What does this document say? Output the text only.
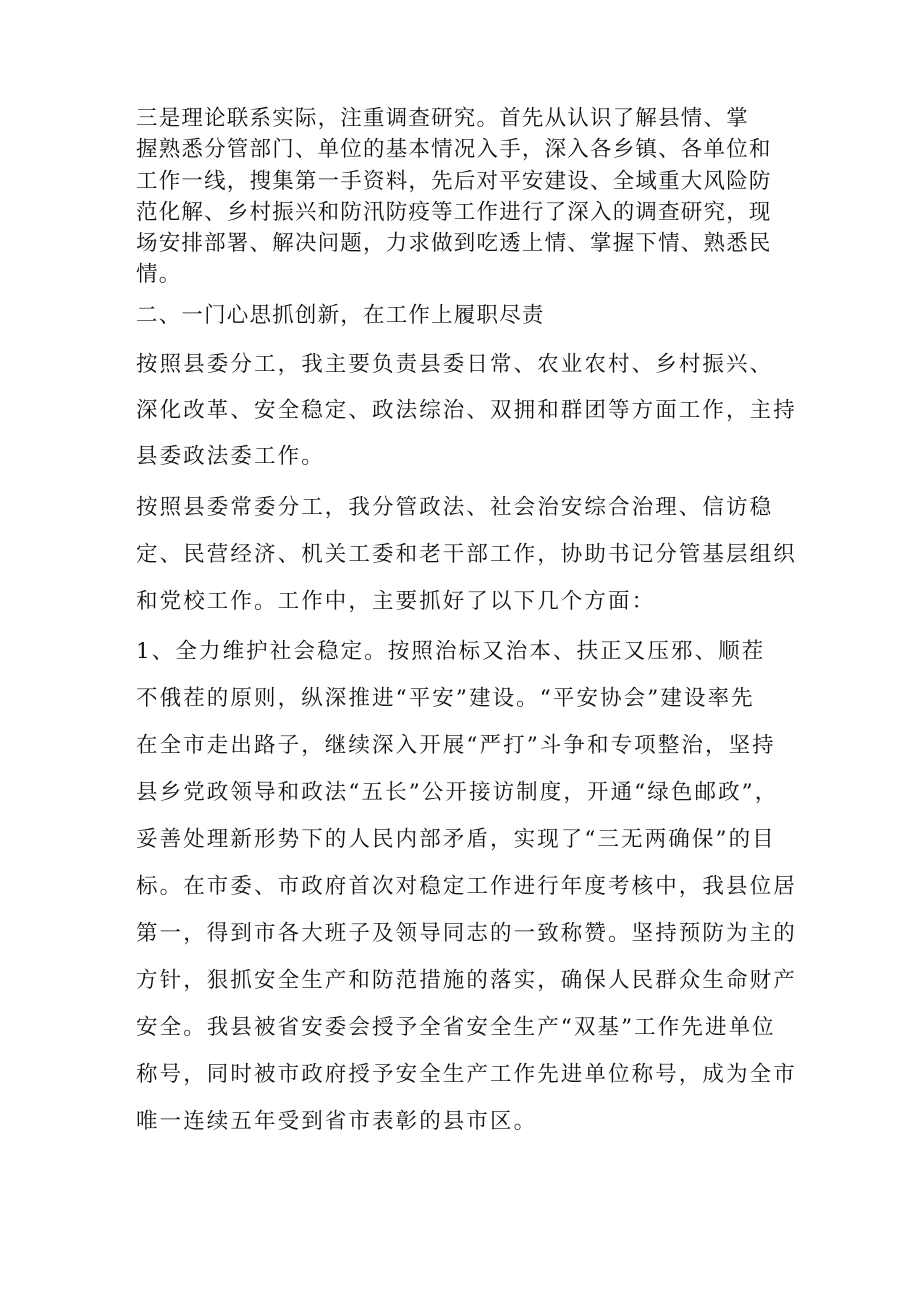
三是理论联系实际，注重调查研究。首先从认识了解县情、掌
握熟悉分管部门、单位的基本情况入手，深入各乡镇、各单位和
工作一线，搜集第一手资料，先后对平安建设、全域重大风险防
范化解、乡村振兴和防汛防疫等工作进行了深入的调查研究，现
场安排部署、解决问题，力求做到吃透上情、掌握下情、熟悉民
情。
二、一门心思抓创新，在工作上履职尽责
按照县委分工，我主要负责县委日常、农业农村、乡村振兴、
深化改革、安全稳定、政法综治、双拥和群团等方面工作，主持
县委政法委工作。
按照县委常委分工，我分管政法、社会治安综合治理、信访稳
定、民营经济、机关工委和老干部工作，协助书记分管基层组织
和党校工作。工作中，主要抓好了以下几个方面：
1、全力维护社会稳定。按照治标又治本、扶正又压邪、顺茬
不俄茬的原则，纵深推进“平安”建设。“平安协会”建设率先
在全市走出路子，继续深入开展“严打”斗争和专项整治，坚持
县乡党政领导和政法“五长”公开接访制度，开通“绿色邮政”，
妥善处理新形势下的人民内部矛盾，实现了“三无两确保”的目
标。在市委、市政府首次对稳定工作进行年度考核中，我县位居
第一，得到市各大班子及领导同志的一致称赞。坚持预防为主的
方针，狠抓安全生产和防范措施的落实，确保人民群众生命财产
安全。我县被省安委会授予全省安全生产“双基”工作先进单位
称号，同时被市政府授予安全生产工作先进单位称号，成为全市
唯一连续五年受到省市表彰的县市区。
